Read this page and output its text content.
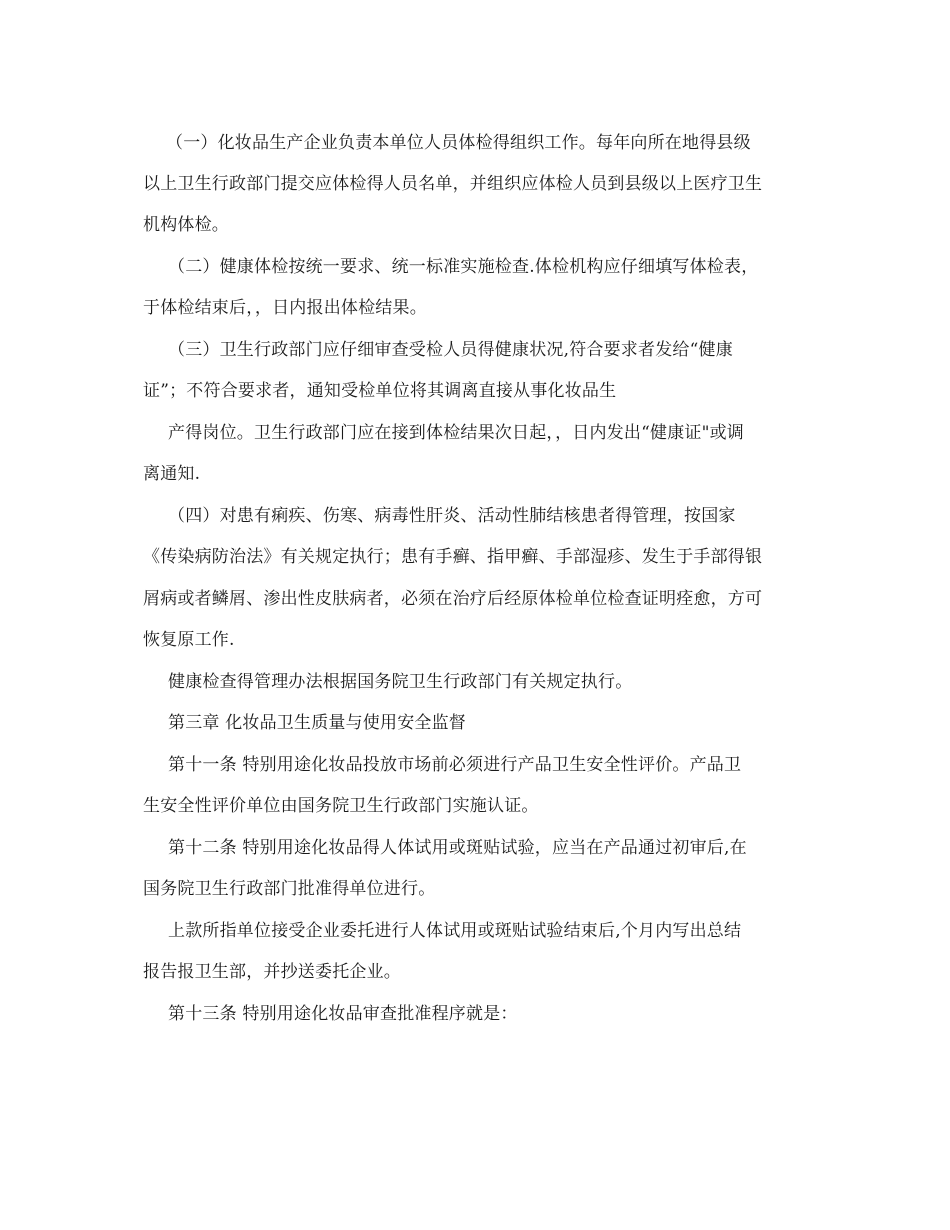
（一）化妆品生产企业负责本单位人员体检得组织工作。每年向所在地得县级
以上卫生行政部门提交应体检得人员名单，并组织应体检人员到县级以上医疗卫生
机构体检。
（二）健康体检按统一要求、统一标准实施检查.体检机构应仔细填写体检表，
于体检结束后，，日内报出体检结果。
（三）卫生行政部门应仔细审查受检人员得健康状况,符合要求者发给“健康
证”；不符合要求者，通知受检单位将其调离直接从事化妆品生
产得岗位。卫生行政部门应在接到体检结果次日起，，日内发出“健康证"或调
离通知.
（四）对患有痢疾、伤寒、病毒性肝炎、活动性肺结核患者得管理，按国家
《传染病防治法》有关规定执行；患有手癣、指甲癣、手部湿疹、发生于手部得银
屑病或者鳞屑、渗出性皮肤病者，必须在治疗后经原体检单位检查证明痊愈，方可
恢复原工作.
健康检查得管理办法根据国务院卫生行政部门有关规定执行。
第三章 化妆品卫生质量与使用安全监督
第十一条 特别用途化妆品投放市场前必须进行产品卫生安全性评价。产品卫
生安全性评价单位由国务院卫生行政部门实施认证。
第十二条 特别用途化妆品得人体试用或斑贴试验，应当在产品通过初审后,在
国务院卫生行政部门批准得单位进行。
上款所指单位接受企业委托进行人体试用或斑贴试验结束后,个月内写出总结
报告报卫生部，并抄送委托企业。
第十三条 特别用途化妆品审查批准程序就是：
